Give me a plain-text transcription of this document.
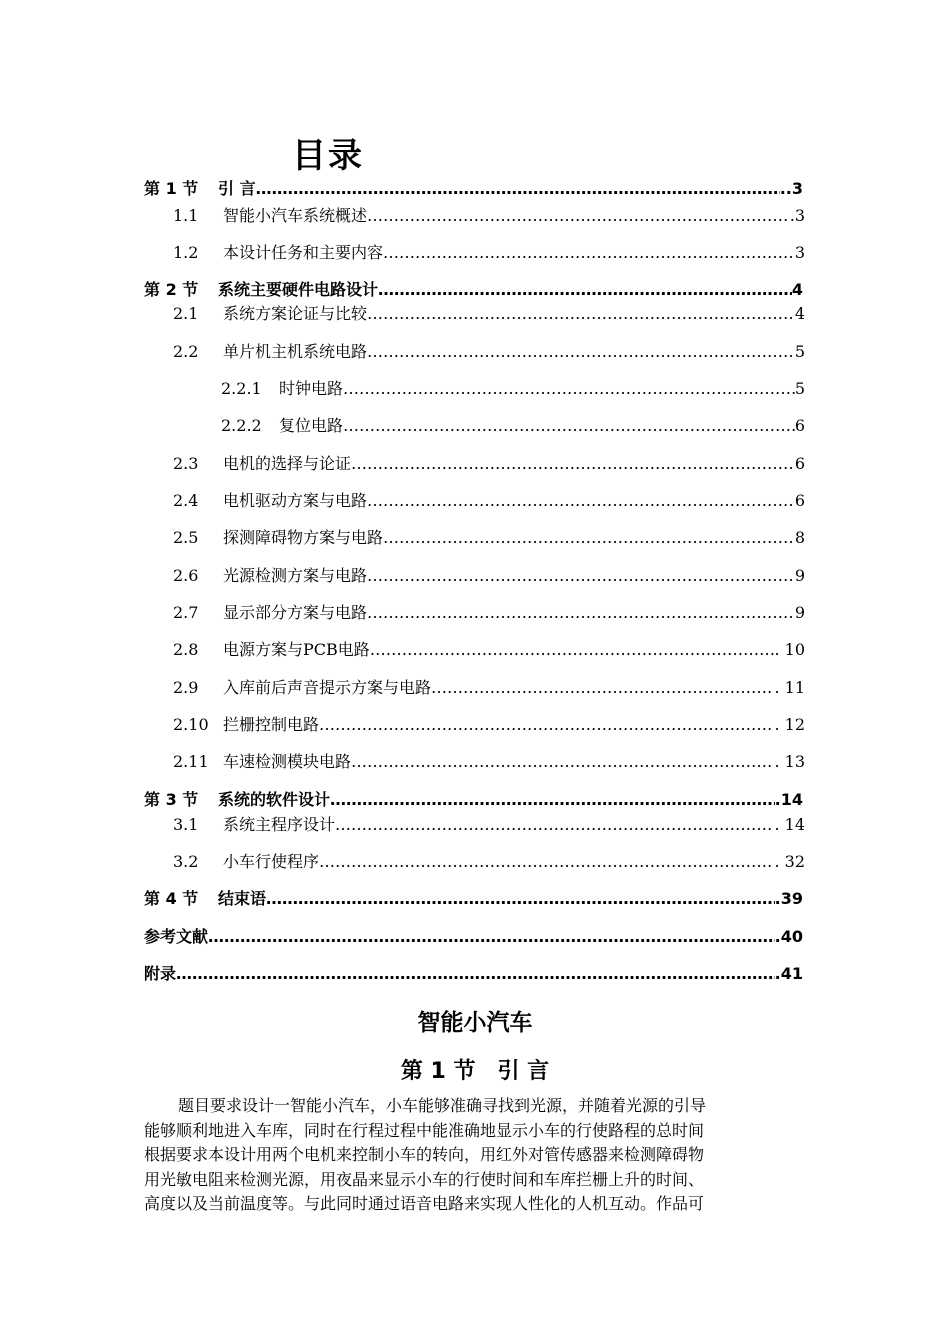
目录
第 1 节 引 言 …………………………………………………………………………………………………………………………………………………………………………………………………………………………………	..3
1.1 智能小汽车系统概述 …………………………………………………………………………………………………………………………………………………………………………………………………………………………………	.3
1.2 本设计任务和主要内容 …………………………………………………………………………………………………………………………………………………………………………………………………………………………………	3
第 2 节 系统主要硬件电路设计 …………………………………………………………………………………………………………………………………………………………………………………………………………………………………	4
2.1 系统方案论证与比较 …………………………………………………………………………………………………………………………………………………………………………………………………………………………………	4
2.2 单片机主机系统电路 …………………………………………………………………………………………………………………………………………………………………………………………………………………………………	5
2.2.1 时钟电路 …………………………………………………………………………………………………………………………………………………………………………………………………………………………………	5
2.2.2 复位电路 …………………………………………………………………………………………………………………………………………………………………………………………………………………………………	6
2.3 电机的选择与论证 …………………………………………………………………………………………………………………………………………………………………………………………………………………………………	6
2.4 电机驱动方案与电路 …………………………………………………………………………………………………………………………………………………………………………………………………………………………………	6
2.5 探测障碍物方案与电路 …………………………………………………………………………………………………………………………………………………………………………………………………………………………………	8
2.6 光源检测方案与电路 …………………………………………………………………………………………………………………………………………………………………………………………………………………………………	9
2.7 显示部分方案与电路 …………………………………………………………………………………………………………………………………………………………………………………………………………………………………	9
2.8 电源方案与PCB电路 …………………………………………………………………………………………………………………………………………………………………………………………………………………………………	. 10
2.9 入库前后声音提示方案与电路 …………………………………………………………………………………………………………………………………………………………………………………………………………………………………	. 11
2.10 拦栅控制电路 …………………………………………………………………………………………………………………………………………………………………………………………………………………………………	. 12
2.11 车速检测模块电路 …………………………………………………………………………………………………………………………………………………………………………………………………………………………………	. 13
第 3 节 系统的软件设计 …………………………………………………………………………………………………………………………………………………………………………………………………………………………………	.14
3.1 系统主程序设计 …………………………………………………………………………………………………………………………………………………………………………………………………………………………………	. 14
3.2 小车行使程序 …………………………………………………………………………………………………………………………………………………………………………………………………………………………………	. 32
第 4 节 结束语 …………………………………………………………………………………………………………………………………………………………………………………………………………………………………	.39
参考文献 …………………………………………………………………………………………………………………………………………………………………………………………………………………………………	.40
附录 …………………………………………………………………………………………………………………………………………………………………………………………………………………………………	.41
智能小汽车
第 1 节　引 言
题目要求设计一智能小汽车，小车能够准确寻找到光源，并随着光源的引导
能够顺利地进入车库，同时在行程过程中能准确地显示小车的行使路程的总时间
根据要求本设计用两个电机来控制小车的转向，用红外对管传感器来检测障碍物
用光敏电阻来检测光源，用夜晶来显示小车的行使时间和车库拦栅上升的时间、
高度以及当前温度等。与此同时通过语音电路来实现人性化的人机互动。作品可
